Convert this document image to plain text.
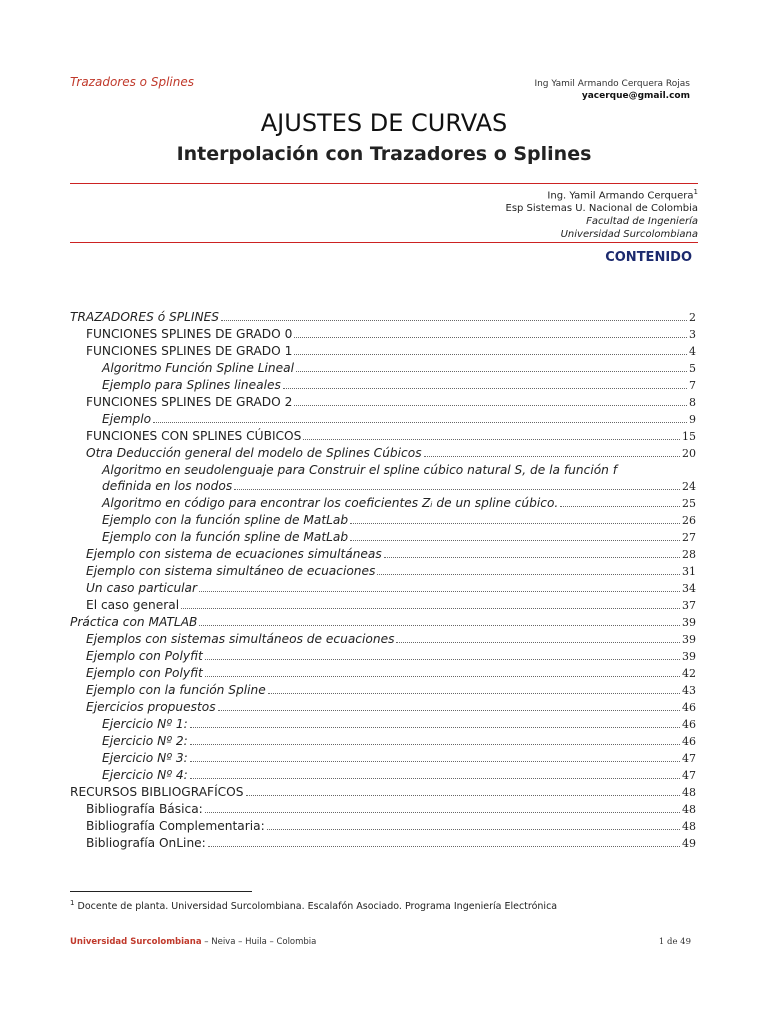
Trazadores o Splines	Ing Yamil Armando Cerquera Rojas
yacerque@gmail.com
AJUSTES DE CURVAS
Interpolación con Trazadores o Splines
Ing. Yamil Armando Cerquera$^1$
Esp Sistemas U. Nacional de Colombia
Facultad de Ingeniería
Universidad Surcolombiana
CONTENIDO
TRAZADORES ó SPLINES	2
FUNCIONES SPLINES DE GRADO 0	3
FUNCIONES SPLINES DE GRADO 1	4
Algoritmo Función Spline Lineal	5
Ejemplo para Splines lineales	7
FUNCIONES SPLINES DE GRADO 2	8
Ejemplo	9
FUNCIONES CON SPLINES CÚBICOS	15
Otra Deducción general del modelo de Splines Cúbicos	20
Algoritmo en seudolenguaje para Construir el spline cúbico natural S, de la función f
definida en los nodos	24
Algoritmo en código para encontrar los coeficientes Zᵢ de un spline cúbico.	25
Ejemplo con la función spline de MatLab	26
Ejemplo con la función spline de MatLab	27
Ejemplo con sistema de ecuaciones simultáneas	28
Ejemplo con sistema simultáneo de ecuaciones	31
Un caso particular	34
El caso general	37
Práctica con MATLAB	39
Ejemplos con sistemas simultáneos de ecuaciones	39
Ejemplo con Polyfit	39
Ejemplo con Polyfit	42
Ejemplo con la función Spline	43
Ejercicios propuestos	46
Ejercicio Nº 1:	46
Ejercicio Nº 2:	46
Ejercicio Nº 3:	47
Ejercicio Nº 4:	47
RECURSOS BIBLIOGRAFÍCOS	48
Bibliografía Básica:	48
Bibliografía Complementaria:	48
Bibliografía OnLine:	49
$^1$ Docente de planta. Universidad Surcolombiana. Escalafón Asociado. Programa Ingeniería Electrónica
Universidad Surcolombiana – Neiva – Huila – Colombia	1 de 49
